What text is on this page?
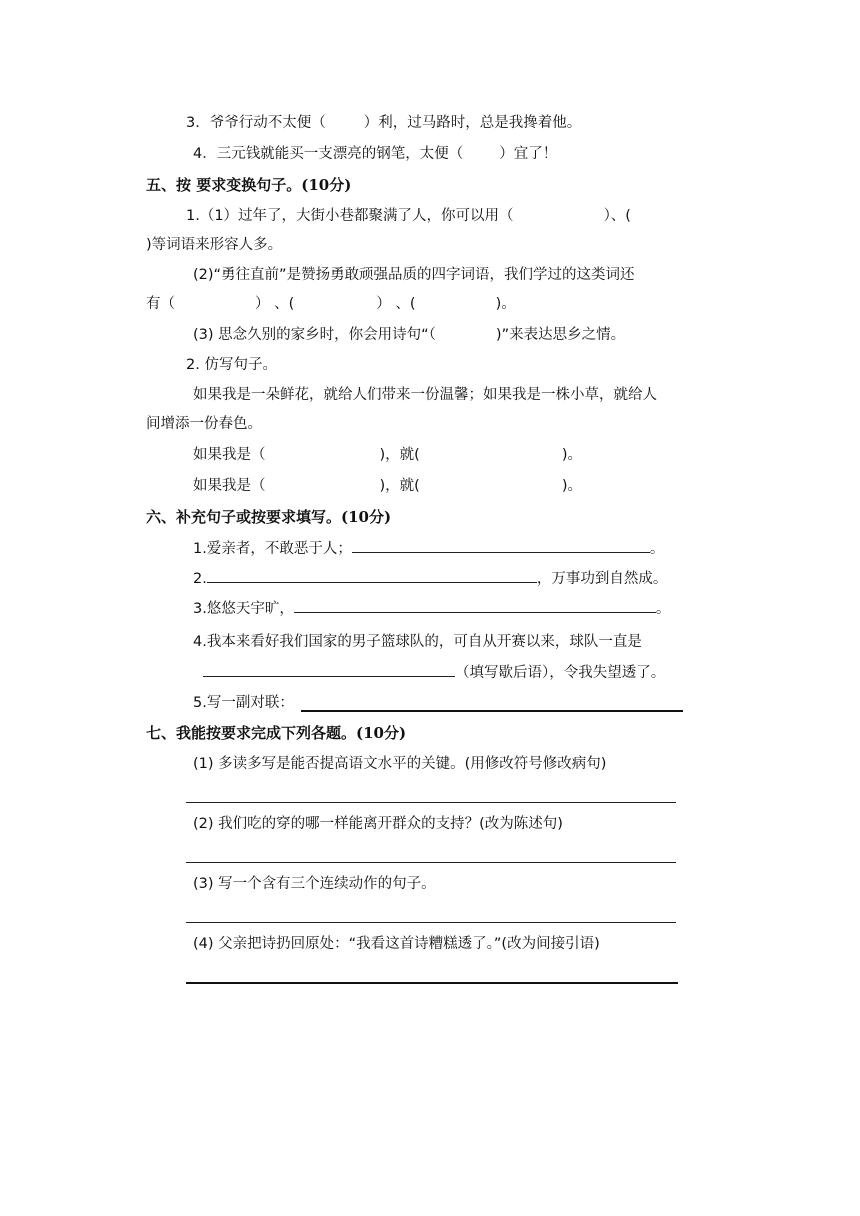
3．爷爷行动不太便（	）利，过马路时，总是我搀着他。
4．三元钱就能买一支漂亮的钢笔，太便（ ）宜了！
五、按 要求变换句子。(10分)
1.（1）过年了，大街小巷都聚满了人，你可以用（	）、(
)等词语来形容人多。
(2)“勇往直前”是赞扬勇敢顽强品质的四字词语，我们学过的这类词还
有（	） 、(	） 、(	)。
(3) 思念久别的家乡时，你会用诗句“（	)”来表达思乡之情。
2. 仿写句子。
如果我是一朵鲜花，就给人们带来一份温馨；如果我是一株小草，就给人
间增添一份春色。
如果我是（	)，就(	)。
如果我是（	)，就(	)。
六、补充句子或按要求填写。(10分)
1.爱亲者，不敢恶于人；	。
2.	，万事功到自然成。
3.悠悠天宇旷，	。
4.我本来看好我们国家的男子篮球队的，可自从开赛以来，球队一直是
（填写歇后语），令我失望透了。
5.写一副对联：
七、我能按要求完成下列各题。(10分)
(1) 多读多写是能否提高语文水平的关键。(用修改符号修改病句)
(2) 我们吃的穿的哪一样能离开群众的支持？(改为陈述句)
(3) 写一个含有三个连续动作的句子。
(4) 父亲把诗扔回原处：“我看这首诗糟糕透了。”(改为间接引语)
